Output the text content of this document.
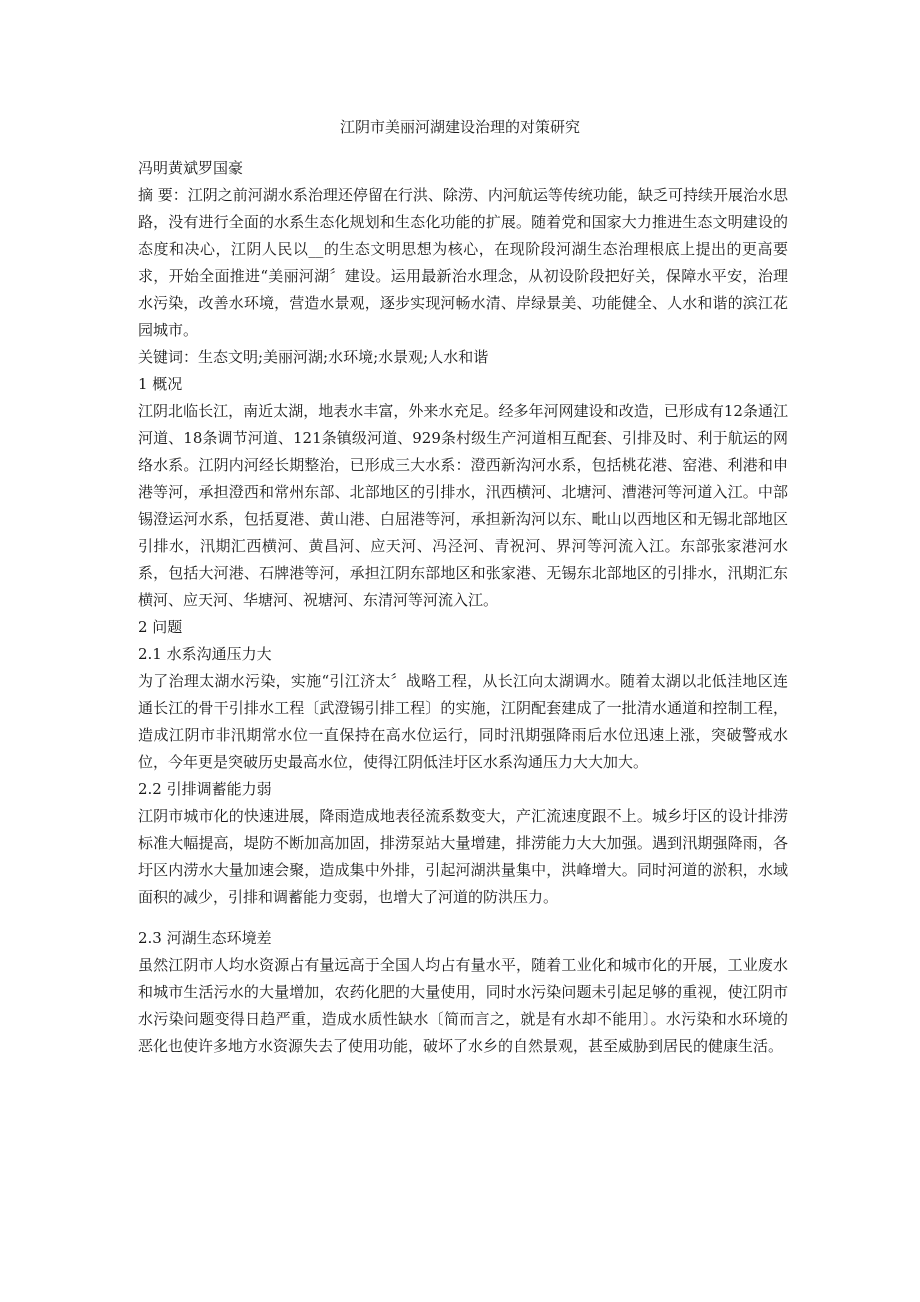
江阴市美丽河湖建设治理的对策研究

冯明黄斌罗国豪

摘 要：江阴之前河湖水系治理还停留在行洪、除涝、内河航运等传统功能，缺乏可持续开展治水思路，没有进行全面的水系生态化规划和生态化功能的扩展。随着党和国家大力推进生态文明建设的态度和决心，江阴人民以__的生态文明思想为核心，在现阶段河湖生态治理根底上提出的更高要求，开始全面推进“美丽河湖〞建设。运用最新治水理念，从初设阶段把好关，保障水平安，治理水污染，改善水环境，营造水景观，逐步实现河畅水清、岸绿景美、功能健全、人水和谐的滨江花园城市。

关键词：生态文明;美丽河湖;水环境;水景观;人水和谐

1 概况

江阴北临长江，南近太湖，地表水丰富，外来水充足。经多年河网建设和改造，已形成有12条通江河道、18条调节河道、121条镇级河道、929条村级生产河道相互配套、引排及时、利于航运的网络水系。江阴内河经长期整治，已形成三大水系：澄西新沟河水系，包括桃花港、窑港、利港和申港等河，承担澄西和常州东部、北部地区的引排水，汛西横河、北塘河、漕港河等河道入江。中部锡澄运河水系，包括夏港、黄山港、白屈港等河，承担新沟河以东、毗山以西地区和无锡北部地区引排水，汛期汇西横河、黄昌河、应天河、冯泾河、青祝河、界河等河流入江。东部张家港河水系，包括大河港、石牌港等河，承担江阴东部地区和张家港、无锡东北部地区的引排水，汛期汇东横河、应天河、华塘河、祝塘河、东清河等河流入江。

2 问题

2.1 水系沟通压力大

为了治理太湖水污染，实施“引江济太〞战略工程，从长江向太湖调水。随着太湖以北低洼地区连通长江的骨干引排水工程〔武澄锡引排工程〕的实施，江阴配套建成了一批清水通道和控制工程，造成江阴市非汛期常水位一直保持在高水位运行，同时汛期强降雨后水位迅速上涨，突破警戒水位，今年更是突破历史最高水位，使得江阴低洼圩区水系沟通压力大大加大。

2.2 引排调蓄能力弱

江阴市城市化的快速进展，降雨造成地表径流系数变大，产汇流速度跟不上。城乡圩区的设计排涝标准大幅提高，堤防不断加高加固，排涝泵站大量增建，排涝能力大大加强。遇到汛期强降雨，各圩区内涝水大量加速会聚，造成集中外排，引起河湖洪量集中，洪峰增大。同时河道的淤积，水域面积的减少，引排和调蓄能力变弱，也增大了河道的防洪压力。

2.3 河湖生态环境差

虽然江阴市人均水资源占有量远高于全国人均占有量水平，随着工业化和城市化的开展，工业废水和城市生活污水的大量增加，农药化肥的大量使用，同时水污染问题未引起足够的重视，使江阴市水污染问题变得日趋严重，造成水质性缺水〔简而言之，就是有水却不能用〕。水污染和水环境的恶化也使许多地方水资源失去了使用功能，破坏了水乡的自然景观，甚至威胁到居民的健康生活。
